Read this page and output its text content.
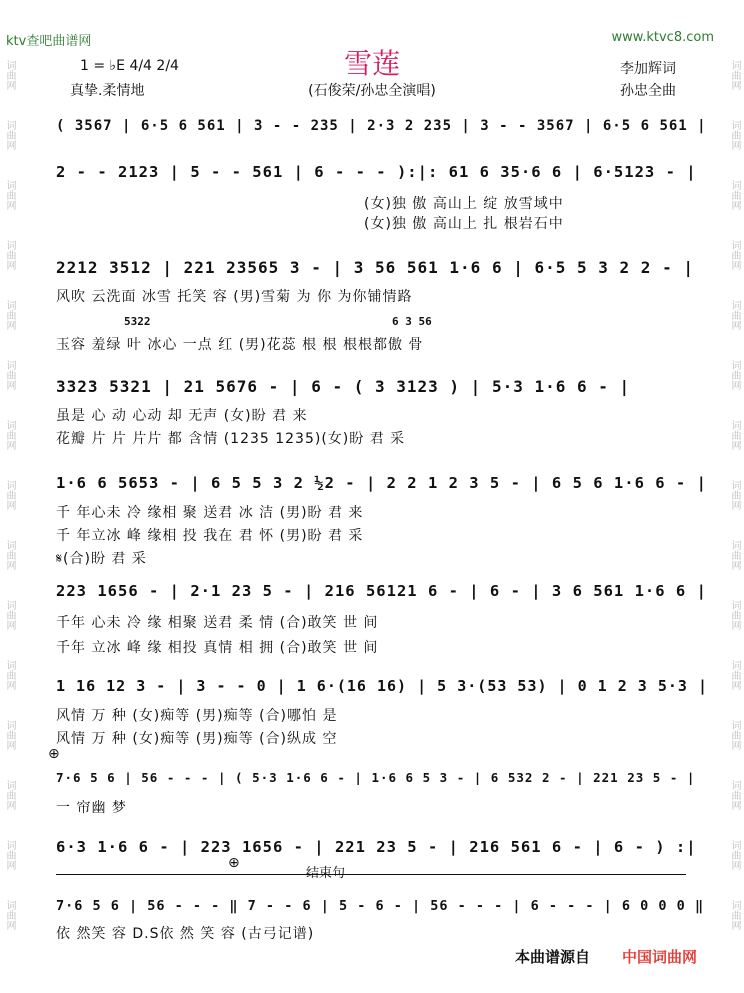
ktv查吧曲谱网	www.ktvc8.com
雪莲
(石俊荣/孙忠全演唱)
1 = ♭E 4/4 2/4
真挚.柔情地
李加辉词
孙忠全曲
( 3567 | 6·5 6 561 | 3 - - 235 | 2·3 2 235 | 3 - - 3567 | 6·5 6 561 |
2 - - 2123 | 5 - - 561 | 6 - - - ):|: 61 6 35·6 6 | 6·5123 - |
(女)独 傲 高山上 绽 放雪域中
(女)独 傲 高山上 扎 根岩石中
2212 3512 | 221 23565 3 - | 3 56 561 1·6 6 | 6·5 5 3 2 2 - |
风吹 云洗面 冰雪 托笑 容 (男)雪菊 为 你 为你铺情路
5322	6 3 56
玉容 羞绿 叶 冰心 一点 红 (男)花蕊 根 根 根根都傲 骨
3323 5321 | 21 5676 - | 6 - ( 3 3123 ) | 5·3 1·6 6 - |
虽是 心 动 心动 却 无声 (女)盼 君 来
花瓣 片 片 片片 都 含情 (1235 1235)(女)盼 君 采
1·6 6 5653 - | 6 5 5 3 2 ½2 - | 2 2 1 2 3 5 - | 6 5 6 1·6 6 - |
千 年心未 冷 缘相 聚 送君 冰 洁 (男)盼 君 来
千 年立冰 峰 缘相 投 我在 君 怀 (男)盼 君 采
𝄋(合)盼 君 采
223 1656 - | 2·1 23 5 - | 216 56121 6 - | 6 - | 3 6 561 1·6 6 |
千年 心未 冷 缘 相聚 送君 柔 情 (合)敢笑 世 间
千年 立冰 峰 缘 相投 真情 相 拥 (合)敢笑 世 间
1 16 12 3 - | 3 - - 0 | 1 6·(16 16) | 5 3·(53 53) | 0 1 2 3 5·3 |
风情 万 种 (女)痴等 (男)痴等 (合)哪怕 是
风情 万 种 (女)痴等 (男)痴等 (合)纵成 空
7·6 5 6 | 56 - - - | ( 5·3 1·6 6 - | 1·6 6 5 3 - | 6 532 2 - | 221 23 5 - |
一 帘幽 梦
6·3 1·6 6 - | 223 1656 - | 221 23 5 - | 216 561 6 - | 6 - ) :|
7·6 5 6 | 56 - - - ‖ 7 - - 6 | 5 - 6 - | 56 - - - | 6 - - - | 6 0 0 0 ‖
依 然笑 容 D.S依 然 笑 容 (古弓记谱)
⊕
⊕
结束句
本曲谱源自 中国词曲网
词曲网	词曲网
词曲网	词曲网
词曲网	词曲网
词曲网	词曲网
词曲网	词曲网
词曲网	词曲网
词曲网	词曲网
词曲网	词曲网
词曲网	词曲网
词曲网	词曲网
词曲网	词曲网
词曲网	词曲网
词曲网	词曲网
词曲网	词曲网
词曲网	词曲网
